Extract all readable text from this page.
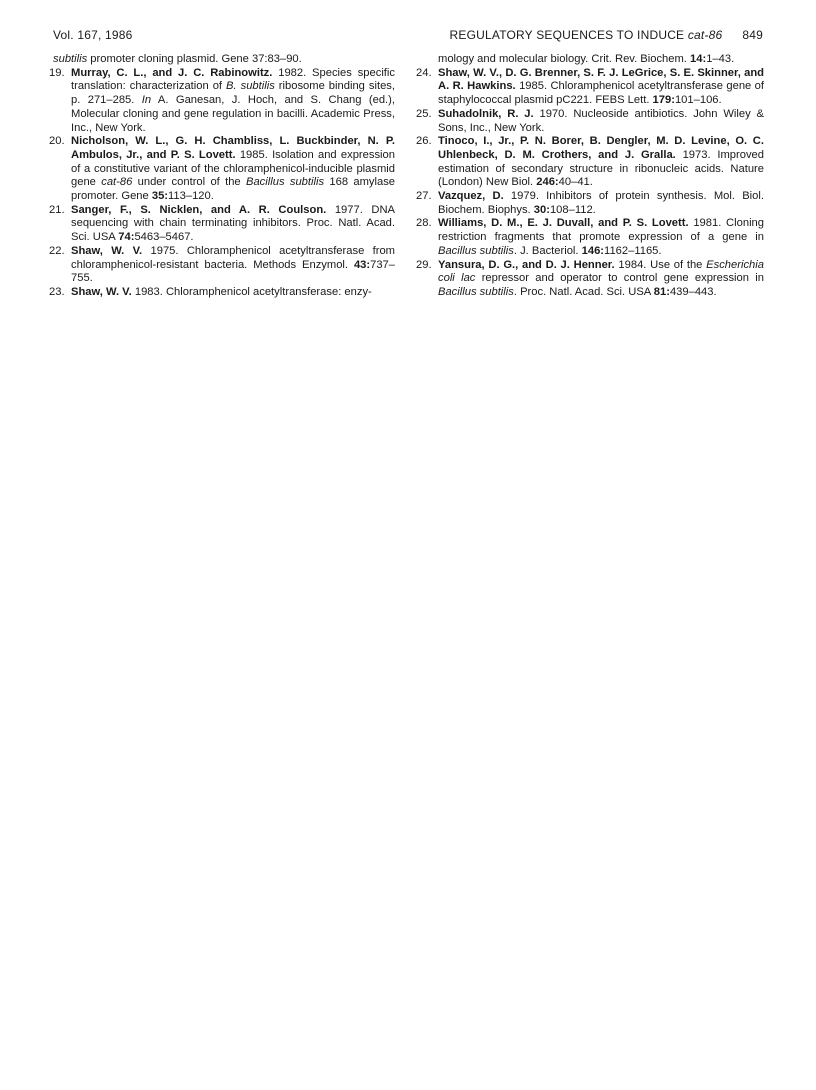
Vol. 167, 1986	REGULATORY SEQUENCES TO INDUCE cat-86 849
subtilis promoter cloning plasmid. Gene 37:83–90.
19. Murray, C. L., and J. C. Rabinowitz. 1982. Species specific translation: characterization of B. subtilis ribosome binding sites, p. 271–285. In A. Ganesan, J. Hoch, and S. Chang (ed.), Molecular cloning and gene regulation in bacilli. Academic Press, Inc., New York.
20. Nicholson, W. L., G. H. Chambliss, L. Buckbinder, N. P. Ambulos, Jr., and P. S. Lovett. 1985. Isolation and expression of a constitutive variant of the chloramphenicol-inducible plasmid gene cat-86 under control of the Bacillus subtilis 168 amylase promoter. Gene 35:113–120.
21. Sanger, F., S. Nicklen, and A. R. Coulson. 1977. DNA sequencing with chain terminating inhibitors. Proc. Natl. Acad. Sci. USA 74:5463–5467.
22. Shaw, W. V. 1975. Chloramphenicol acetyltransferase from chloramphenicol-resistant bacteria. Methods Enzymol. 43:737–755.
23. Shaw, W. V. 1983. Chloramphenicol acetyltransferase: enzy-
mology and molecular biology. Crit. Rev. Biochem. 14:1–43.
24. Shaw, W. V., D. G. Brenner, S. F. J. LeGrice, S. E. Skinner, and A. R. Hawkins. 1985. Chloramphenicol acetyltransferase gene of staphylococcal plasmid pC221. FEBS Lett. 179:101–106.
25. Suhadolnik, R. J. 1970. Nucleoside antibiotics. John Wiley & Sons, Inc., New York.
26. Tinoco, I., Jr., P. N. Borer, B. Dengler, M. D. Levine, O. C. Uhlenbeck, D. M. Crothers, and J. Gralla. 1973. Improved estimation of secondary structure in ribonucleic acids. Nature (London) New Biol. 246:40–41.
27. Vazquez, D. 1979. Inhibitors of protein synthesis. Mol. Biol. Biochem. Biophys. 30:108–112.
28. Williams, D. M., E. J. Duvall, and P. S. Lovett. 1981. Cloning restriction fragments that promote expression of a gene in Bacillus subtilis. J. Bacteriol. 146:1162–1165.
29. Yansura, D. G., and D. J. Henner. 1984. Use of the Escherichia coli lac repressor and operator to control gene expression in Bacillus subtilis. Proc. Natl. Acad. Sci. USA 81:439–443.
